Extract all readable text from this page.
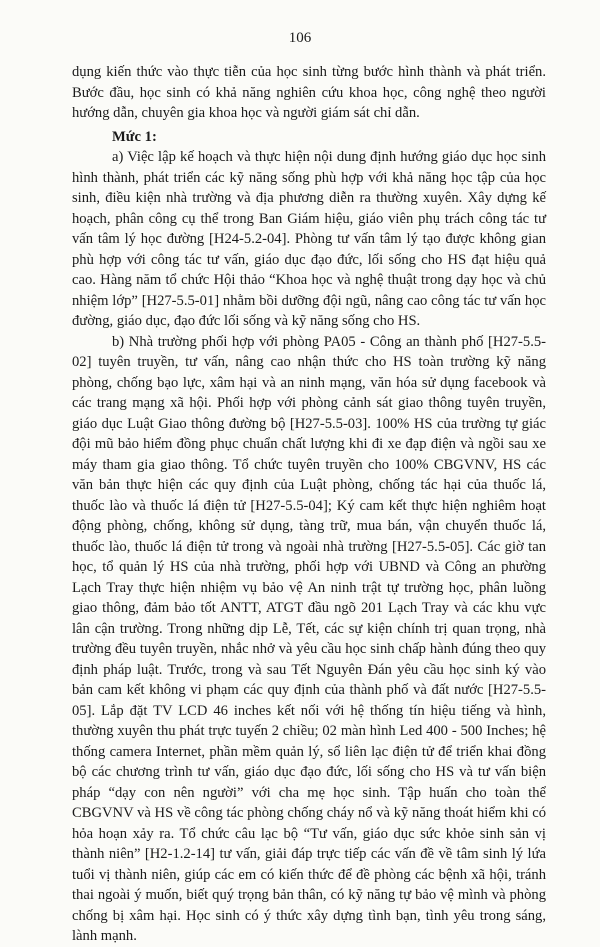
106

dụng kiến thức vào thực tiễn của học sinh từng bước hình thành và phát triển. Bước đầu, học sinh có khả năng nghiên cứu khoa học, công nghệ theo người hướng dẫn, chuyên gia khoa học và người giám sát chỉ dẫn.

Mức 1:

a) Việc lập kế hoạch và thực hiện nội dung định hướng giáo dục học sinh hình thành, phát triển các kỹ năng sống phù hợp với khả năng học tập của học sinh, điều kiện nhà trường và địa phương diễn ra thường xuyên. Xây dựng kế hoạch, phân công cụ thể trong Ban Giám hiệu, giáo viên phụ trách công tác tư vấn tâm lý học đường [H24-5.2-04]. Phòng tư vấn tâm lý tạo được không gian phù hợp với công tác tư vấn, giáo dục đạo đức, lối sống cho HS đạt hiệu quả cao. Hàng năm tổ chức Hội thảo “Khoa học và nghệ thuật trong dạy học và chủ nhiệm lớp” [H27-5.5-01] nhằm bồi dưỡng đội ngũ, nâng cao công tác tư vấn học đường, giáo dục, đạo đức lối sống và kỹ năng sống cho HS.

b) Nhà trường phối hợp với phòng PA05 - Công an thành phố [H27-5.5-02] tuyên truyền, tư vấn, nâng cao nhận thức cho HS toàn trường kỹ năng phòng, chống bạo lực, xâm hại và an ninh mạng, văn hóa sử dụng facebook và các trang mạng xã hội. Phối hợp với phòng cảnh sát giao thông tuyên truyền, giáo dục Luật Giao thông đường bộ [H27-5.5-03]. 100% HS của trường tự giác đội mũ bảo hiểm đồng phục chuẩn chất lượng khi đi xe đạp điện và ngồi sau xe máy tham gia giao thông. Tổ chức tuyên truyền cho 100% CBGVNV, HS các văn bản thực hiện các quy định của Luật phòng, chống tác hại của thuốc lá, thuốc lào và thuốc lá điện tử [H27-5.5-04]; Ký cam kết thực hiện nghiêm hoạt động phòng, chống, không sử dụng, tàng trữ, mua bán, vận chuyển thuốc lá, thuốc lào, thuốc lá điện tử trong và ngoài nhà trường [H27-5.5-05]. Các giờ tan học, tổ quản lý HS của nhà trường, phối hợp với UBND và Công an phường Lạch Tray thực hiện nhiệm vụ bảo vệ An ninh trật tự trường học, phân luồng giao thông, đảm bảo tốt ANTT, ATGT đầu ngõ 201 Lạch Tray và các khu vực lân cận trường. Trong những dịp Lễ, Tết, các sự kiện chính trị quan trọng, nhà trường đều tuyên truyền, nhắc nhở và yêu cầu học sinh chấp hành đúng theo quy định pháp luật. Trước, trong và sau Tết Nguyên Đán yêu cầu học sinh ký vào bản cam kết không vi phạm các quy định của thành phố và đất nước [H27-5.5-05]. Lắp đặt TV LCD 46 inches kết nối với hệ thống tín hiệu tiếng và hình, thường xuyên thu phát trực tuyến 2 chiều; 02 màn hình Led 400 - 500 Inches; hệ thống camera Internet, phần mềm quản lý, sổ liên lạc điện tử để triển khai đồng bộ các chương trình tư vấn, giáo dục đạo đức, lối sống cho HS và tư vấn biện pháp “dạy con nên người” với cha mẹ học sinh. Tập huấn cho toàn thể CBGVNV và HS về công tác phòng chống cháy nổ và kỹ năng thoát hiểm khi có hỏa hoạn xảy ra. Tổ chức câu lạc bộ “Tư vấn, giáo dục sức khỏe sinh sản vị thành niên” [H2-1.2-14] tư vấn, giải đáp trực tiếp các vấn đề về tâm sinh lý lứa tuổi vị thành niên, giúp các em có kiến thức để đề phòng các bệnh xã hội, tránh thai ngoài ý muốn, biết quý trọng bản thân, có kỹ năng tự bảo vệ mình và phòng chống bị xâm hại. Học sinh có ý thức xây dựng tình bạn, tình yêu trong sáng, lành mạnh.
